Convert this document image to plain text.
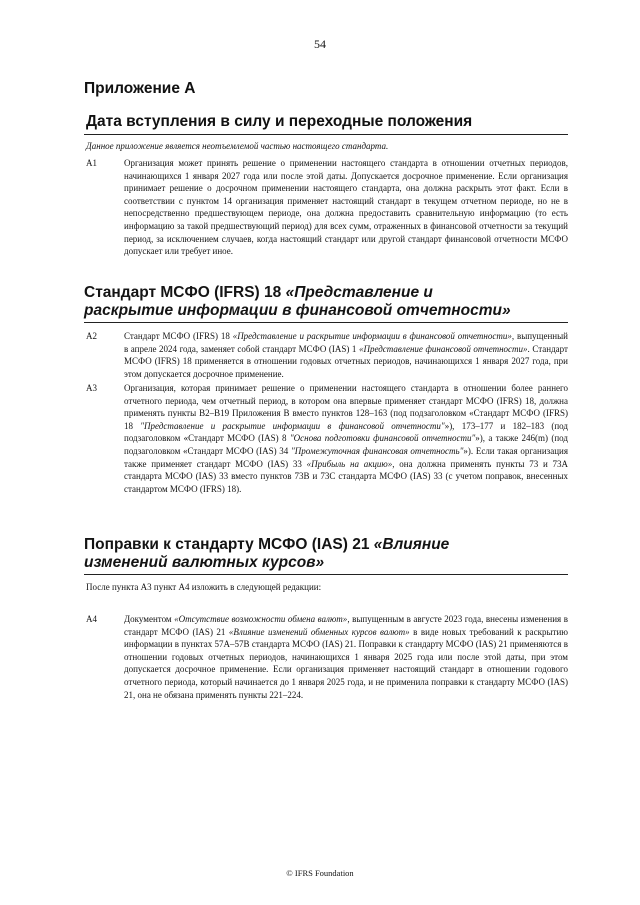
54
Приложение А
Дата вступления в силу и переходные положения
Данное приложение является неотъемлемой частью настоящего стандарта.
A1	Организация может принять решение о применении настоящего стандарта в отношении отчетных периодов, начинающихся 1 января 2027 года или после этой даты. Допускается досрочное применение. Если организация принимает решение о досрочном применении настоящего стандарта, она должна раскрыть этот факт. Если в соответствии с пунктом 14 организация применяет настоящий стандарт в текущем отчетном периоде, но не в непосредственно предшествующем периоде, она должна предоставить сравнительную информацию (то есть информацию за такой предшествующий период) для всех сумм, отраженных в финансовой отчетности за текущий период, за исключением случаев, когда настоящий стандарт или другой стандарт финансовой отчетности МСФО допускает или требует иное.
Стандарт МСФО (IFRS) 18 «Представление и раскрытие информации в финансовой отчетности»
A2	Стандарт МСФО (IFRS) 18 «Представление и раскрытие информации в финансовой отчетности», выпущенный в апреле 2024 года, заменяет собой стандарт МСФО (IAS) 1 «Представление финансовой отчетности». Стандарт МСФО (IFRS) 18 применяется в отношении годовых отчетных периодов, начинающихся 1 января 2027 года, при этом допускается досрочное применение.
A3	Организация, которая принимает решение о применении настоящего стандарта в отношении более раннего отчетного периода, чем отчетный период, в котором она впервые применяет стандарт МСФО (IFRS) 18, должна применять пункты B2–B19 Приложения B вместо пунктов 128–163 (под подзаголовком «Стандарт МСФО (IFRS) 18 "Представление и раскрытие информации в финансовой отчетности"»), 173–177 и 182–183 (под подзаголовком «Стандарт МСФО (IAS) 8 "Основа подготовки финансовой отчетности"»), а также 246(m) (под подзаголовком «Стандарт МСФО (IAS) 34 "Промежуточная финансовая отчетность"»). Если такая организация также применяет стандарт МСФО (IAS) 33 «Прибыль на акцию», она должна применять пункты 73 и 73A стандарта МСФО (IAS) 33 вместо пунктов 73B и 73C стандарта МСФО (IAS) 33 (с учетом поправок, внесенных стандартом МСФО (IFRS) 18).
Поправки к стандарту МСФО (IAS) 21 «Влияние изменений валютных курсов»
После пункта A3 пункт A4 изложить в следующей редакции:
A4	Документом «Отсутствие возможности обмена валют», выпущенным в августе 2023 года, внесены изменения в стандарт МСФО (IAS) 21 «Влияние изменений обменных курсов валют» в виде новых требований к раскрытию информации в пунктах 57A–57B стандарта МСФО (IAS) 21. Поправки к стандарту МСФО (IAS) 21 применяются в отношении годовых отчетных периодов, начинающихся 1 января 2025 года или после этой даты, при этом допускается досрочное применение. Если организация применяет настоящий стандарт в отношении годового отчетного периода, который начинается до 1 января 2025 года, и не применила поправки к стандарту МСФО (IAS) 21, она не обязана применять пункты 221–224.
© IFRS Foundation
